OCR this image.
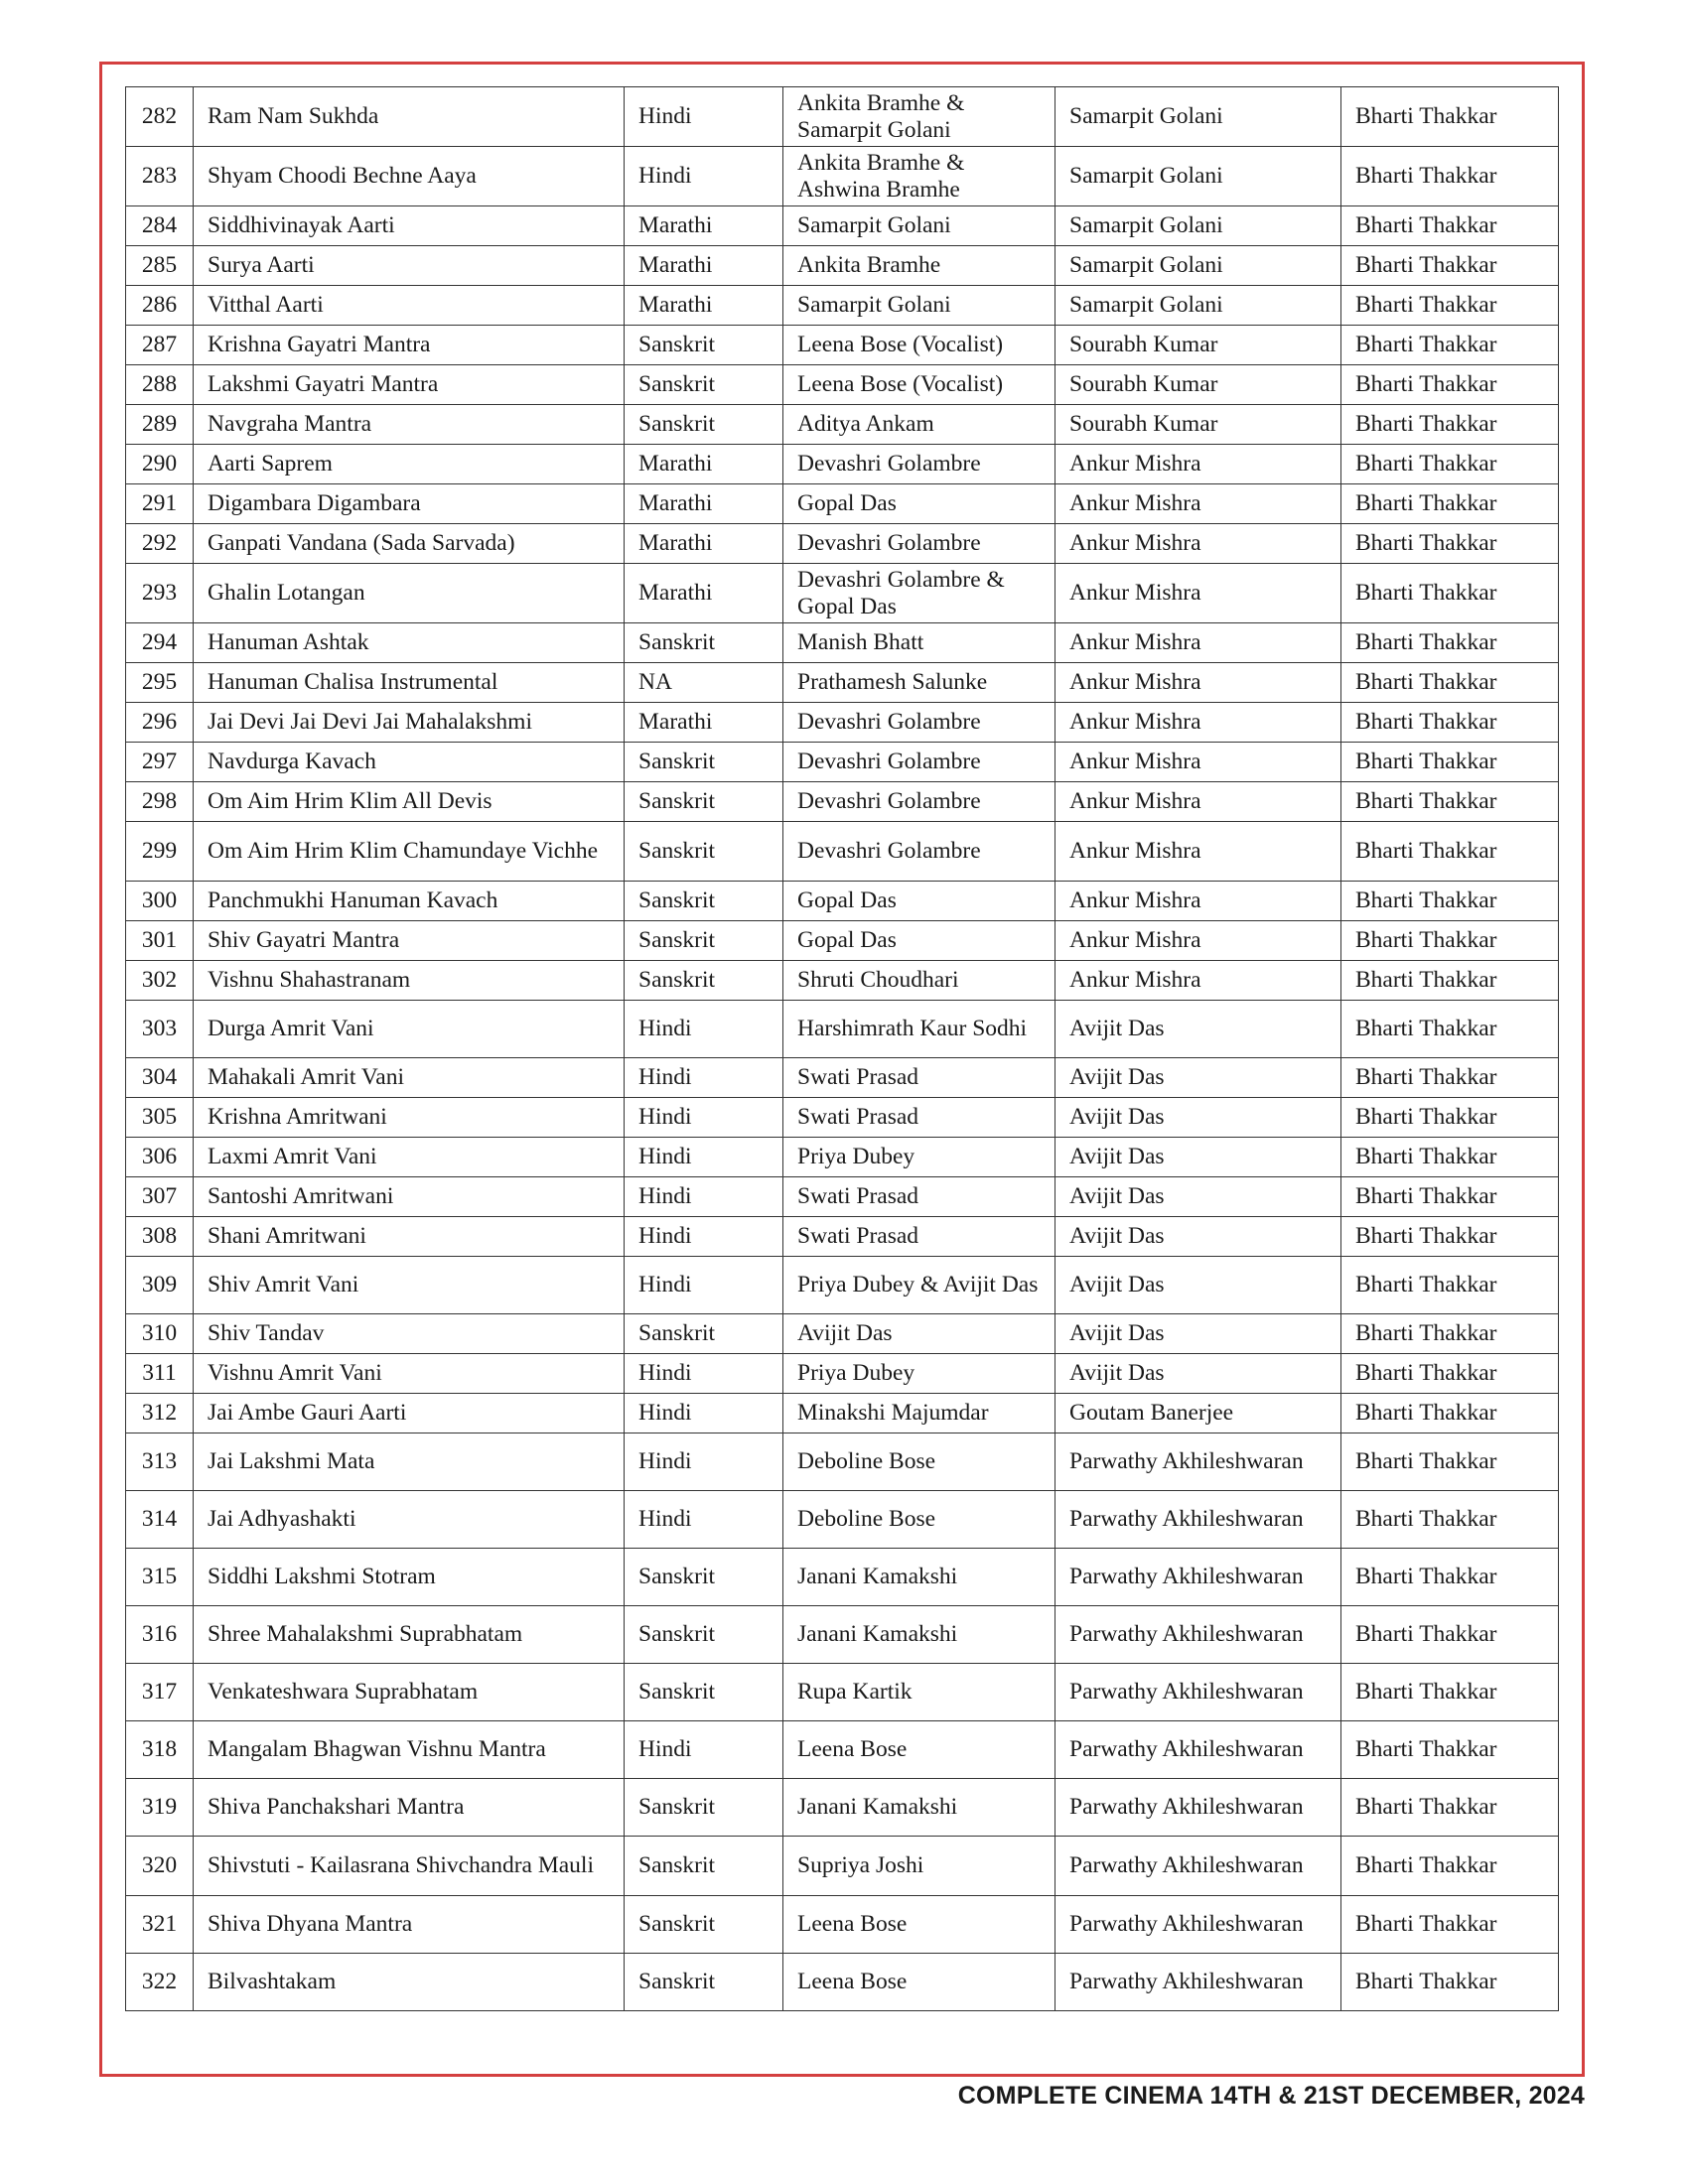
282	Ram Nam Sukhda	Hindi	Ankita Bramhe & Samarpit Golani	Samarpit Golani	Bharti Thakkar
283	Shyam Choodi Bechne Aaya	Hindi	Ankita Bramhe & Ashwina Bramhe	Samarpit Golani	Bharti Thakkar
284	Siddhivinayak Aarti	Marathi	Samarpit Golani	Samarpit Golani	Bharti Thakkar
285	Surya Aarti	Marathi	Ankita Bramhe	Samarpit Golani	Bharti Thakkar
286	Vitthal Aarti	Marathi	Samarpit Golani	Samarpit Golani	Bharti Thakkar
287	Krishna Gayatri Mantra	Sanskrit	Leena Bose (Vocalist)	Sourabh Kumar	Bharti Thakkar
288	Lakshmi Gayatri Mantra	Sanskrit	Leena Bose (Vocalist)	Sourabh Kumar	Bharti Thakkar
289	Navgraha Mantra	Sanskrit	Aditya Ankam	Sourabh Kumar	Bharti Thakkar
290	Aarti Saprem	Marathi	Devashri Golambre	Ankur Mishra	Bharti Thakkar
291	Digambara Digambara	Marathi	Gopal Das	Ankur Mishra	Bharti Thakkar
292	Ganpati Vandana (Sada Sarvada)	Marathi	Devashri Golambre	Ankur Mishra	Bharti Thakkar
293	Ghalin Lotangan	Marathi	Devashri Golambre & Gopal Das	Ankur Mishra	Bharti Thakkar
294	Hanuman Ashtak	Sanskrit	Manish Bhatt	Ankur Mishra	Bharti Thakkar
295	Hanuman Chalisa Instrumental	NA	Prathamesh Salunke	Ankur Mishra	Bharti Thakkar
296	Jai Devi Jai Devi Jai Mahalakshmi	Marathi	Devashri Golambre	Ankur Mishra	Bharti Thakkar
297	Navdurga Kavach	Sanskrit	Devashri Golambre	Ankur Mishra	Bharti Thakkar
298	Om Aim Hrim Klim All Devis	Sanskrit	Devashri Golambre	Ankur Mishra	Bharti Thakkar
299	Om Aim Hrim Klim Chamundaye Vichhe	Sanskrit	Devashri Golambre	Ankur Mishra	Bharti Thakkar
300	Panchmukhi Hanuman Kavach	Sanskrit	Gopal Das	Ankur Mishra	Bharti Thakkar
301	Shiv Gayatri Mantra	Sanskrit	Gopal Das	Ankur Mishra	Bharti Thakkar
302	Vishnu Shahastranam	Sanskrit	Shruti Choudhari	Ankur Mishra	Bharti Thakkar
303	Durga Amrit Vani	Hindi	Harshimrath Kaur Sodhi	Avijit Das	Bharti Thakkar
304	Mahakali Amrit Vani	Hindi	Swati Prasad	Avijit Das	Bharti Thakkar
305	Krishna Amritwani	Hindi	Swati Prasad	Avijit Das	Bharti Thakkar
306	Laxmi Amrit Vani	Hindi	Priya Dubey	Avijit Das	Bharti Thakkar
307	Santoshi Amritwani	Hindi	Swati Prasad	Avijit Das	Bharti Thakkar
308	Shani Amritwani	Hindi	Swati Prasad	Avijit Das	Bharti Thakkar
309	Shiv Amrit Vani	Hindi	Priya Dubey & Avijit Das	Avijit Das	Bharti Thakkar
310	Shiv Tandav	Sanskrit	Avijit Das	Avijit Das	Bharti Thakkar
311	Vishnu Amrit Vani	Hindi	Priya Dubey	Avijit Das	Bharti Thakkar
312	Jai Ambe Gauri Aarti	Hindi	Minakshi Majumdar	Goutam Banerjee	Bharti Thakkar
313	Jai Lakshmi Mata	Hindi	Deboline Bose	Parwathy Akhileshwaran	Bharti Thakkar
314	Jai Adhyashakti	Hindi	Deboline Bose	Parwathy Akhileshwaran	Bharti Thakkar
315	Siddhi Lakshmi Stotram	Sanskrit	Janani Kamakshi	Parwathy Akhileshwaran	Bharti Thakkar
316	Shree Mahalakshmi Suprabhatam	Sanskrit	Janani Kamakshi	Parwathy Akhileshwaran	Bharti Thakkar
317	Venkateshwara Suprabhatam	Sanskrit	Rupa Kartik	Parwathy Akhileshwaran	Bharti Thakkar
318	Mangalam Bhagwan Vishnu Mantra	Hindi	Leena Bose	Parwathy Akhileshwaran	Bharti Thakkar
319	Shiva Panchakshari Mantra	Sanskrit	Janani Kamakshi	Parwathy Akhileshwaran	Bharti Thakkar
320	Shivstuti - Kailasrana Shivchandra Mauli	Sanskrit	Supriya Joshi	Parwathy Akhileshwaran	Bharti Thakkar
321	Shiva Dhyana Mantra	Sanskrit	Leena Bose	Parwathy Akhileshwaran	Bharti Thakkar
322	Bilvashtakam	Sanskrit	Leena Bose	Parwathy Akhileshwaran	Bharti Thakkar
COMPLETE CINEMA 14TH & 21ST DECEMBER, 2024
